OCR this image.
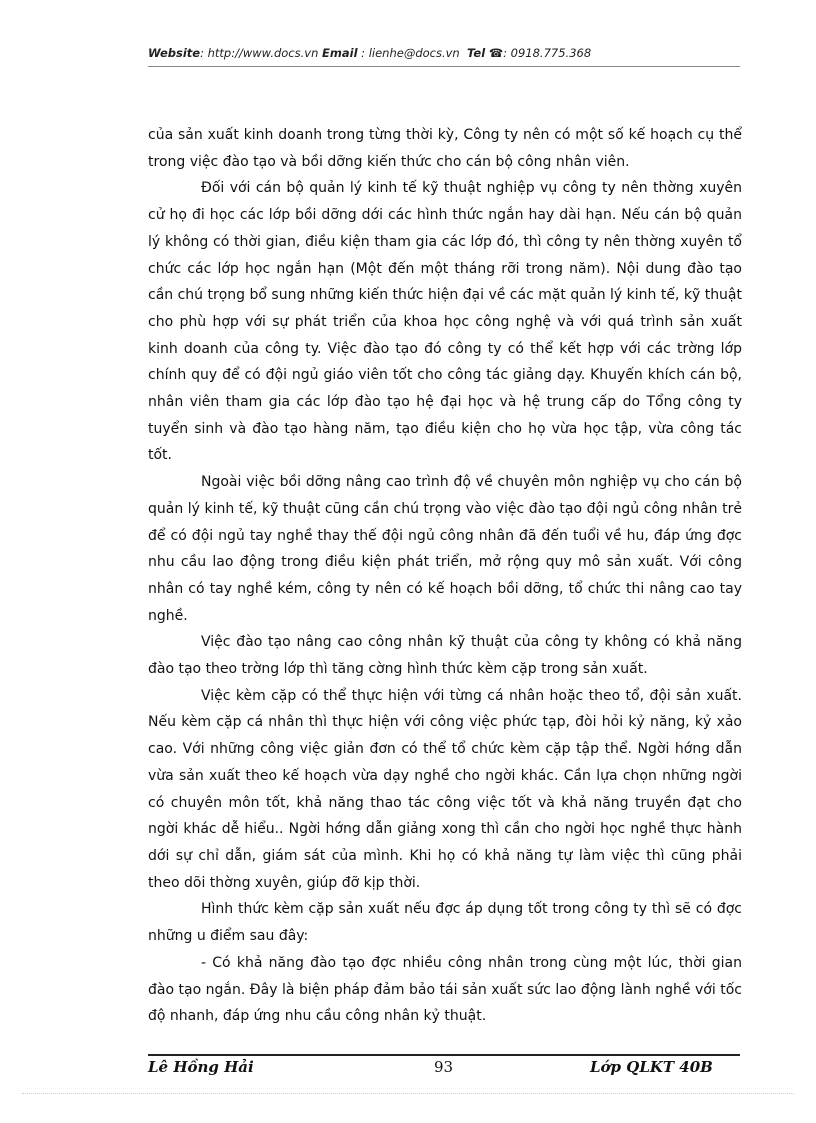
Website: http://www.docs.vn Email : lienhe@docs.vn Tel ☎: 0918.775.368

của sản xuất kinh doanh trong từng thời kỳ, Công ty nên có một số kế hoạch cụ thể trong việc đào tạo và bồi dỡng kiến thức cho cán bộ công nhân viên.

Đối với cán bộ quản lý kinh tế kỹ thuật nghiệp vụ công ty nên thờng xuyên cử họ đi học các lớp bồi dỡng dới các hình thức ngắn hay dài hạn. Nếu cán bộ quản lý không có thời gian, điều kiện tham gia các lớp đó, thì công ty nên thờng xuyên tổ chức các lớp học ngắn hạn (Một đến một tháng rỡi trong năm). Nội dung đào tạo cần chú trọng bổ sung những kiến thức hiện đại về các mặt quản lý kinh tế, kỹ thuật cho phù hợp với sự phát triển của khoa học công nghệ và với quá trình sản xuất kinh doanh của công ty. Việc đào tạo đó công ty có thể kết hợp với các trờng lớp chính quy để có đội ngủ giáo viên tốt cho công tác giảng dạy. Khuyến khích cán bộ, nhân viên tham gia các lớp đào tạo hệ đại học và hệ trung cấp do Tổng công ty tuyển sinh và đào tạo hàng năm, tạo điều kiện cho họ vừa học tập, vừa công tác tốt.

Ngoài việc bồi dỡng nâng cao trình độ về chuyên môn nghiệp vụ cho cán bộ quản lý kinh tế, kỹ thuật cũng cần chú trọng vào việc đào tạo đội ngủ công nhân trẻ để có đội ngủ tay nghề thay thế đội ngủ công nhân đã đến tuổi về hu, đáp ứng đợc nhu cầu lao động trong điều kiện phát triển, mở rộng quy mô sản xuất. Với công nhân có tay nghề kém, công ty nên có kế hoạch bồi dỡng, tổ chức thi nâng cao tay nghề.

Việc đào tạo nâng cao công nhân kỹ thuật của công ty không có khả năng đào tạo theo trờng lớp thì tăng cờng hình thức kèm cặp trong sản xuất.

Việc kèm cặp có thể thực hiện với từng cá nhân hoặc theo tổ, đội sản xuất. Nếu kèm cặp cá nhân thì thực hiện với công việc phức tạp, đòi hỏi kỷ năng, kỷ xảo cao. Với những công việc giản đơn có thể tổ chức kèm cặp tập thể. Ngời hớng dẫn vừa sản xuất theo kế hoạch vừa dạy nghề cho ngời khác. Cần lựa chọn những ngời có chuyên môn tốt, khả năng thao tác công việc tốt và khả năng truyền đạt cho ngời khác dễ hiểu.. Ngời hớng dẫn giảng xong thì cần cho ngời học nghề thực hành dới sự chỉ dẫn, giám sát của mình. Khi họ có khả năng tự làm việc thì cũng phải theo dõi thờng xuyên, giúp đỡ kịp thời.

Hình thức kèm cặp sản xuất nếu đợc áp dụng tốt trong công ty thì sẽ có đợc những u điểm sau đây:

- Có khả năng đào tạo đợc nhiều công nhân trong cùng một lúc, thời gian đào tạo ngắn. Đây là biện pháp đảm bảo tái sản xuất sức lao động lành nghề với tốc độ nhanh, đáp ứng nhu cầu công nhân kỷ thuật.

Lê Hồng Hải	93	Lớp QLKT 40B
